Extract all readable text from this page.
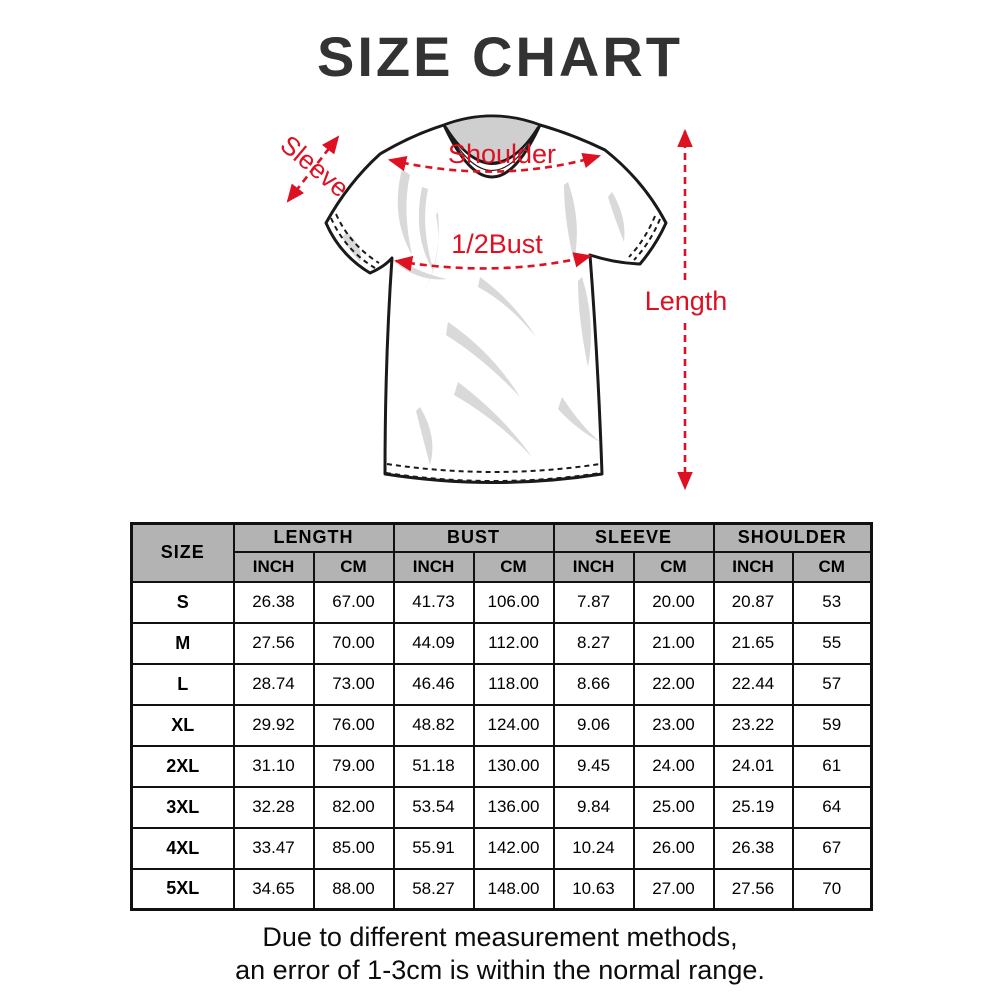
SIZE CHART
Sleeve	Shoulder
1/2Bust
Length
SIZE	LENGTH		BUST		SLEEVE		SHOULDER	
	INCH	CM	INCH	CM	INCH	CM	INCH	CM
S	26.38	67.00	41.73	106.00	7.87	20.00	20.87	53
M	27.56	70.00	44.09	112.00	8.27	21.00	21.65	55
L	28.74	73.00	46.46	118.00	8.66	22.00	22.44	57
XL	29.92	76.00	48.82	124.00	9.06	23.00	23.22	59
2XL	31.10	79.00	51.18	130.00	9.45	24.00	24.01	61
3XL	32.28	82.00	53.54	136.00	9.84	25.00	25.19	64
4XL	33.47	85.00	55.91	142.00	10.24	26.00	26.38	67
5XL	34.65	88.00	58.27	148.00	10.63	27.00	27.56	70
Due to different measurement methods,
an error of 1-3cm is within the normal range.
